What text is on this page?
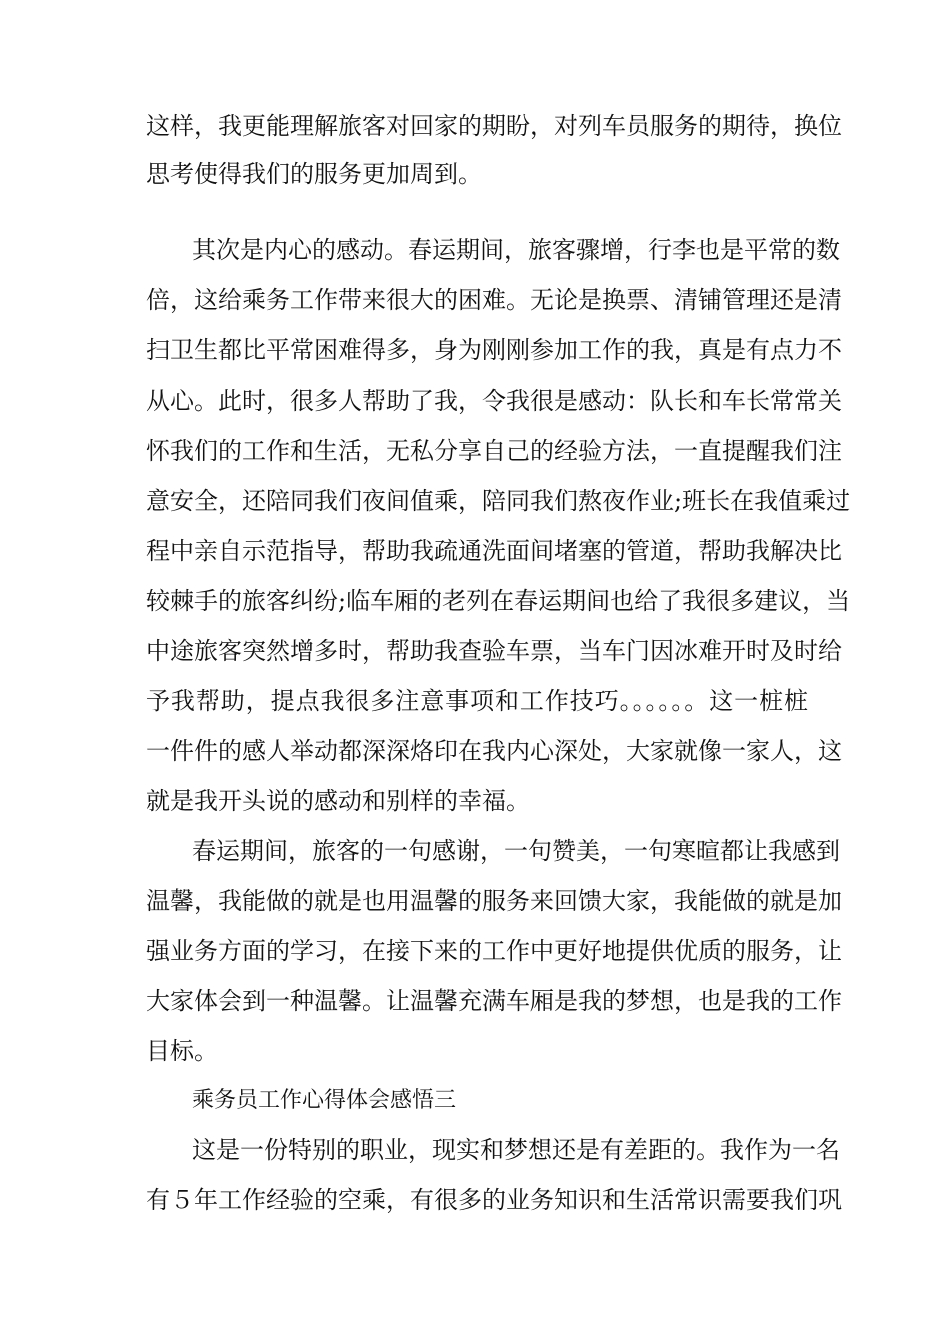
这样，我更能理解旅客对回家的期盼，对列车员服务的期待，换位
思考使得我们的服务更加周到。
其次是内心的感动。春运期间，旅客骤增，行李也是平常的数
倍，这给乘务工作带来很大的困难。无论是换票、清铺管理还是清
扫卫生都比平常困难得多，身为刚刚参加工作的我，真是有点力不
从心。此时，很多人帮助了我，令我很是感动：队长和车长常常关
怀我们的工作和生活，无私分享自己的经验方法，一直提醒我们注
意安全，还陪同我们夜间值乘，陪同我们熬夜作业;班长在我值乘过
程中亲自示范指导，帮助我疏通洗面间堵塞的管道，帮助我解决比
较棘手的旅客纠纷;临车厢的老列在春运期间也给了我很多建议，当
中途旅客突然增多时，帮助我查验车票，当车门因冰难开时及时给
予我帮助，提点我很多注意事项和工作技巧。。。。。。这一桩桩
一件件的感人举动都深深烙印在我内心深处，大家就像一家人，这
就是我开头说的感动和别样的幸福。
春运期间，旅客的一句感谢，一句赞美，一句寒暄都让我感到
温馨，我能做的就是也用温馨的服务来回馈大家，我能做的就是加
强业务方面的学习，在接下来的工作中更好地提供优质的服务，让
大家体会到一种温馨。让温馨充满车厢是我的梦想，也是我的工作
目标。
乘务员工作心得体会感悟三
这是一份特别的职业，现实和梦想还是有差距的。我作为一名
有５年工作经验的空乘，有很多的业务知识和生活常识需要我们巩
